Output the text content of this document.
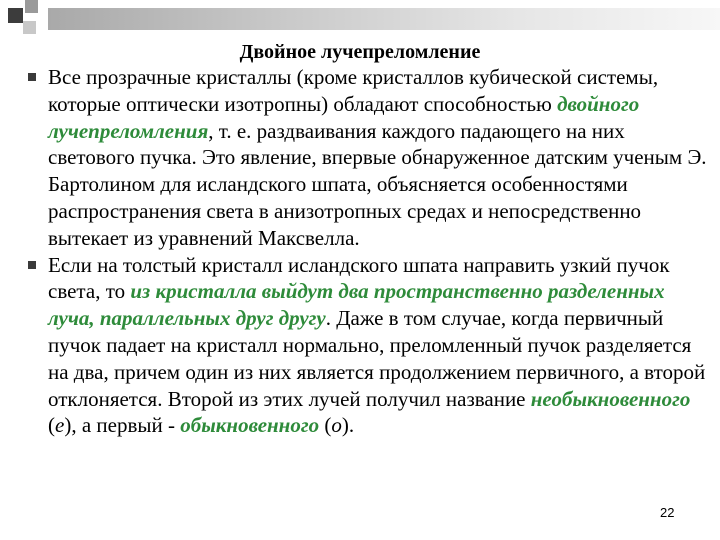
Двойное лучепреломление
Все прозрачные кристаллы (кроме кристаллов кубической системы, которые оптически изотропны) обладают способностью двойного лучепреломления, т. е. раздваивания каждого падающего на них светового пучка. Это явление, впервые обнаруженное датским ученым Э. Бартолином для исландского шпата, объясняется особенностями распространения света в анизотропных средах и непосредственно вытекает из уравнений Максвелла.
Если на толстый кристалл исландского шпата направить узкий пучок света, то из кристалла выйдут два пространственно разделенных луча, параллельных друг другу. Даже в том случае, когда первичный пучок падает на кристалл нормально, преломленный пучок разделяется на два, причем один из них является продолжением первичного, а второй отклоняется. Второй из этих лучей получил название необыкновенного (е), а первый - обыкновенного (о).
22
